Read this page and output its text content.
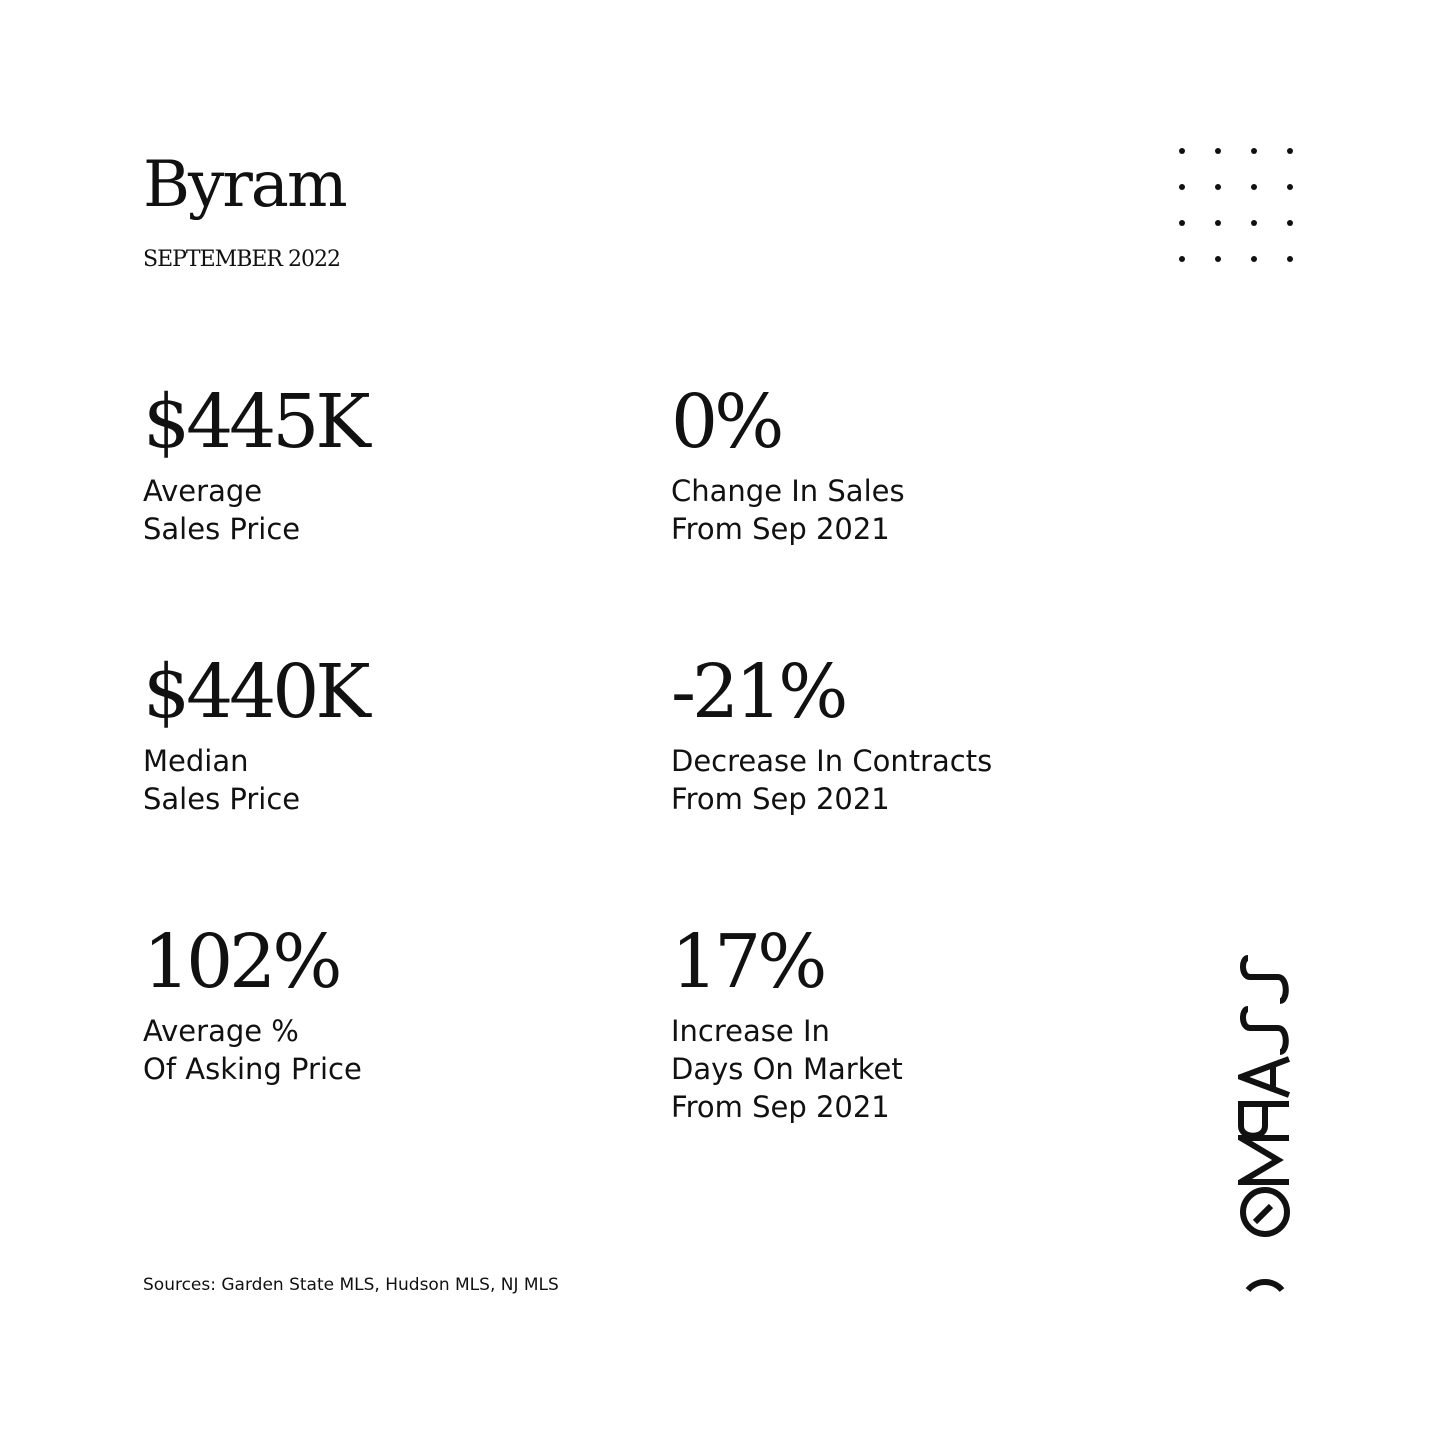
Byram
SEPTEMBER 2022
$445K
Average
Sales Price
0%
Change In Sales
From Sep 2021
$440K
Median
Sales Price
-21%
Decrease In Contracts
From Sep 2021
102%
Average %
Of Asking Price
17%
Increase In
Days On Market
From Sep 2021
Sources: Garden State MLS, Hudson MLS, NJ MLS
